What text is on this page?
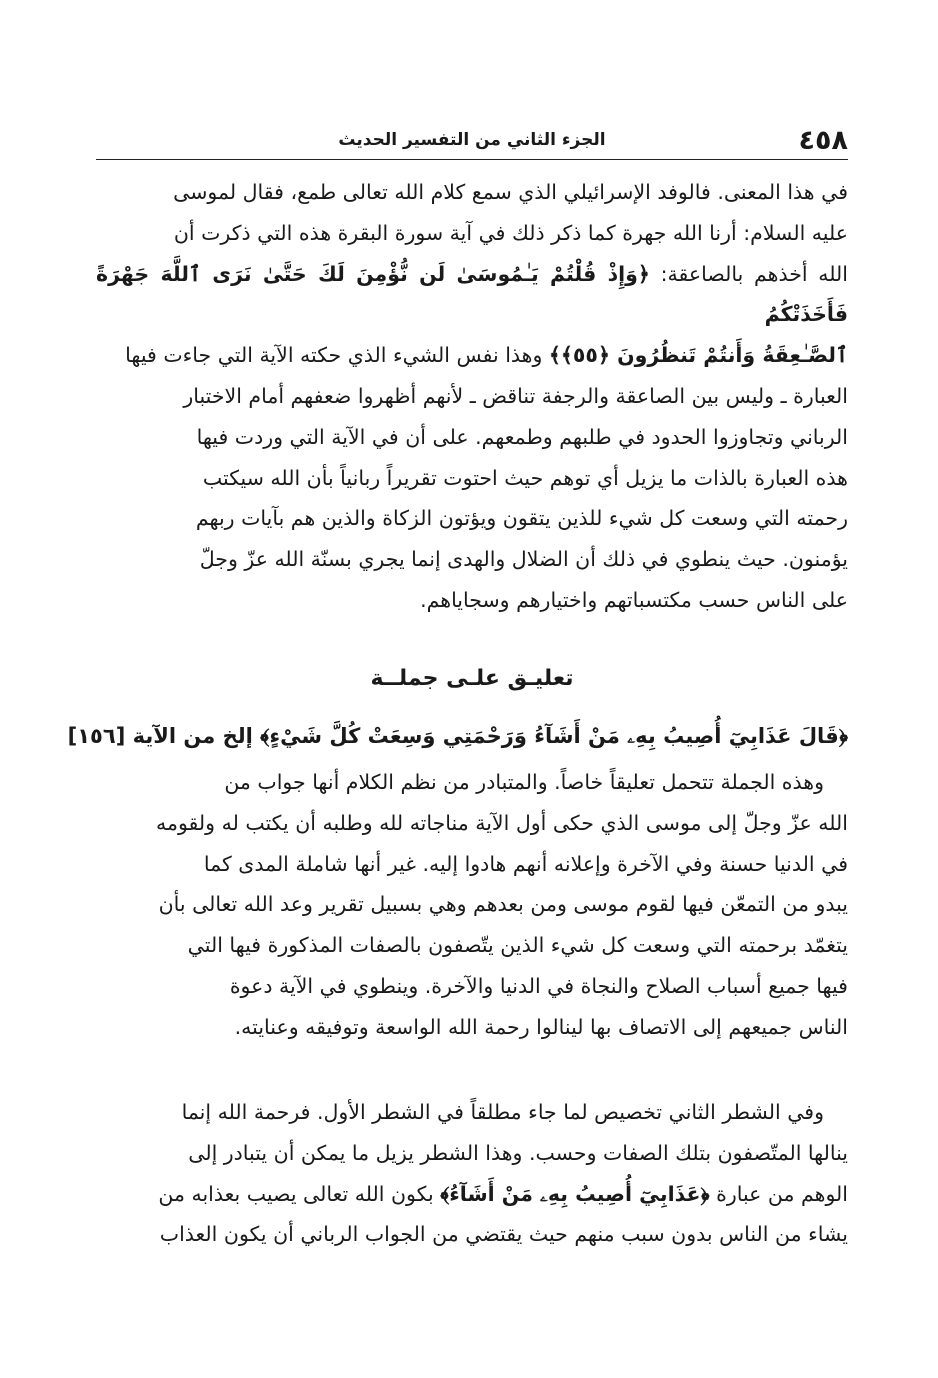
٤٥٨
الجزء الثاني من التفسير الحديث

في هذا المعنى. فالوفد الإسرائيلي الذي سمع كلام الله تعالى طمع، فقال لموسى

عليه السلام: أرنا الله جهرة كما ذكر ذلك في آية سورة البقرة هذه التي ذكرت أن

الله أخذهم بالصاعقة: ﴿وَإِذْ قُلْتُمْ يَـٰمُوسَىٰ لَن نُّؤْمِنَ لَكَ حَتَّىٰ نَرَى ٱللَّهَ جَهْرَةً فَأَخَذَتْكُمُ

ٱلصَّـٰعِقَةُ وَأَنتُمْ تَنظُرُونَ ﴿٥٥﴾﴾ وهذا نفس الشيء الذي حكته الآية التي جاءت فيها

العبارة ـ وليس بين الصاعقة والرجفة تناقض ـ لأنهم أظهروا ضعفهم أمام الاختبار

الرباني وتجاوزوا الحدود في طلبهم وطمعهم. على أن في الآية التي وردت فيها

هذه العبارة بالذات ما يزيل أي توهم حيث احتوت تقريراً ربانياً بأن الله سيكتب

رحمته التي وسعت كل شيء للذين يتقون ويؤتون الزكاة والذين هم بآيات ربهم

يؤمنون. حيث ينطوي في ذلك أن الضلال والهدى إنما يجري بسنّة الله عزّ وجلّ

على الناس حسب مكتسباتهم واختيارهم وسجاياهم.

تعليـق علـى جملــة
﴿قَالَ عَذَابِيٓ أُصِيبُ بِهِۦ مَنْ أَشَآءُ وَرَحْمَتِي وَسِعَتْ كُلَّ شَيْءٍ﴾ إلخ من الآية [١٥٦]

وهذه الجملة تتحمل تعليقاً خاصاً. والمتبادر من نظم الكلام أنها جواب من

الله عزّ وجلّ إلى موسى الذي حكى أول الآية مناجاته لله وطلبه أن يكتب له ولقومه

في الدنيا حسنة وفي الآخرة وإعلانه أنهم هادوا إليه. غير أنها شاملة المدى كما

يبدو من التمعّن فيها لقوم موسى ومن بعدهم وهي بسبيل تقرير وعد الله تعالى بأن

يتغمّد برحمته التي وسعت كل شيء الذين يتّصفون بالصفات المذكورة فيها التي

فيها جميع أسباب الصلاح والنجاة في الدنيا والآخرة. وينطوي في الآية دعوة

الناس جميعهم إلى الاتصاف بها لينالوا رحمة الله الواسعة وتوفيقه وعنايته.

وفي الشطر الثاني تخصيص لما جاء مطلقاً في الشطر الأول. فرحمة الله إنما

ينالها المتّصفون بتلك الصفات وحسب. وهذا الشطر يزيل ما يمكن أن يتبادر إلى

الوهم من عبارة ﴿عَذَابِيٓ أُصِيبُ بِهِۦ مَنْ أَشَآءُ﴾ بكون الله تعالى يصيب بعذابه من

يشاء من الناس بدون سبب منهم حيث يقتضي من الجواب الرباني أن يكون العذاب
